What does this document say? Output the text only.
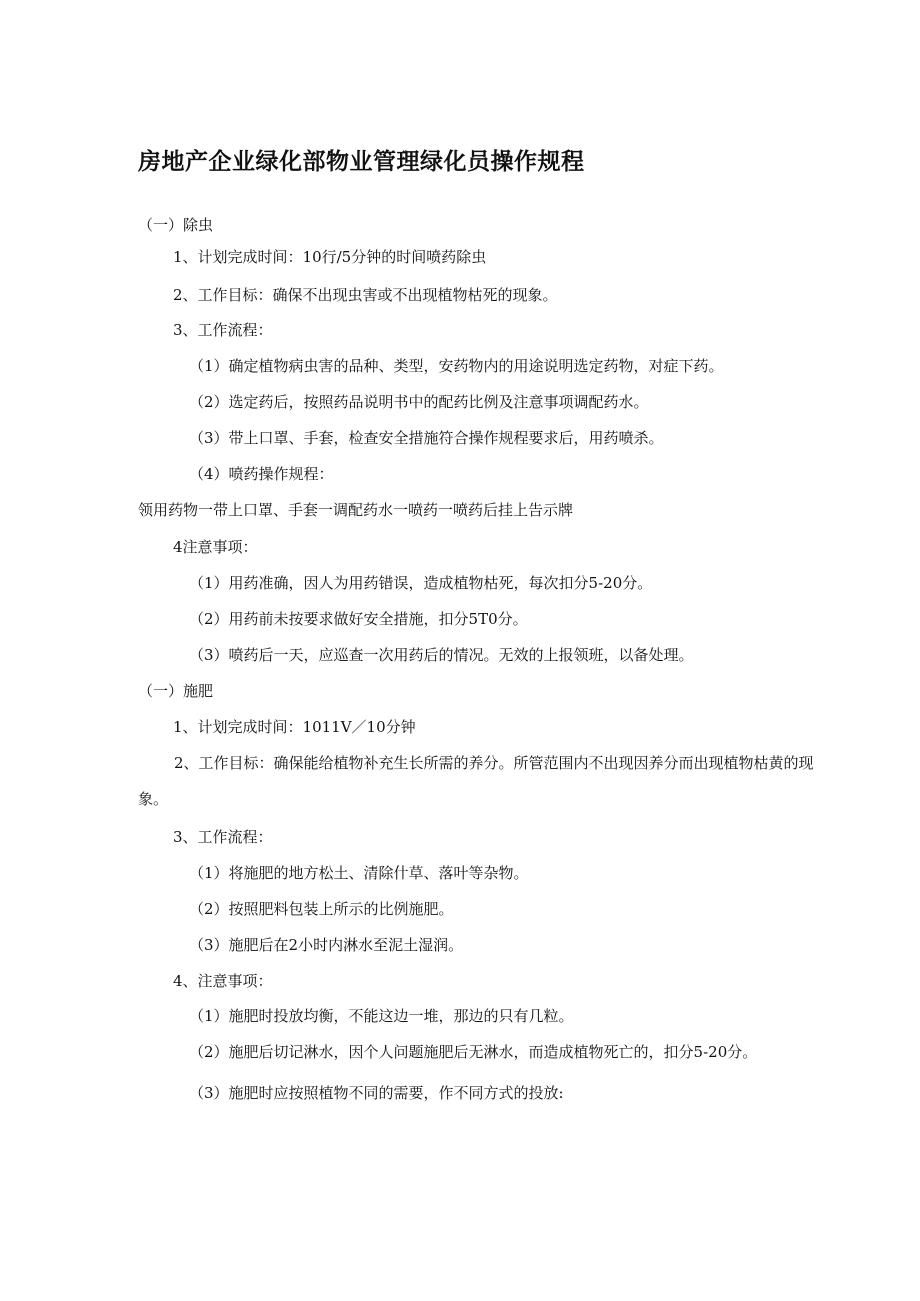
房地产企业绿化部物业管理绿化员操作规程
（一）除虫
1、计划完成时间：10行/5分钟的时间喷药除虫
2、工作目标：确保不出现虫害或不出现植物枯死的现象。
3、工作流程：
（1）确定植物病虫害的品种、类型，安药物内的用途说明选定药物，对症下药。
（2）选定药后，按照药品说明书中的配药比例及注意事项调配药水。
（3）带上口罩、手套，检查安全措施符合操作规程要求后，用药喷杀。
（4）喷药操作规程：
领用药物一带上口罩、手套一调配药水一喷药一喷药后挂上告示牌
4注意事项：
（1）用药准确，因人为用药错误，造成植物枯死，每次扣分5-20分。
（2）用药前未按要求做好安全措施，扣分5T0分。
（3）喷药后一天，应巡查一次用药后的情况。无效的上报领班，以备处理。
（一）施肥
1、计划完成时间：1011V／10分钟
2、工作目标：确保能给植物补充生长所需的养分。所管范围内不出现因养分而出现植物枯黄的现象。
3、工作流程：
（1）将施肥的地方松土、清除什草、落叶等杂物。
（2）按照肥料包装上所示的比例施肥。
（3）施肥后在2小时内淋水至泥土湿润。
4、注意事项：
（1）施肥时投放均衡，不能这边一堆，那边的只有几粒。
（2）施肥后切记淋水，因个人问题施肥后无淋水，而造成植物死亡的，扣分5-20分。
（3）施肥时应按照植物不同的需要，作不同方式的投放:
